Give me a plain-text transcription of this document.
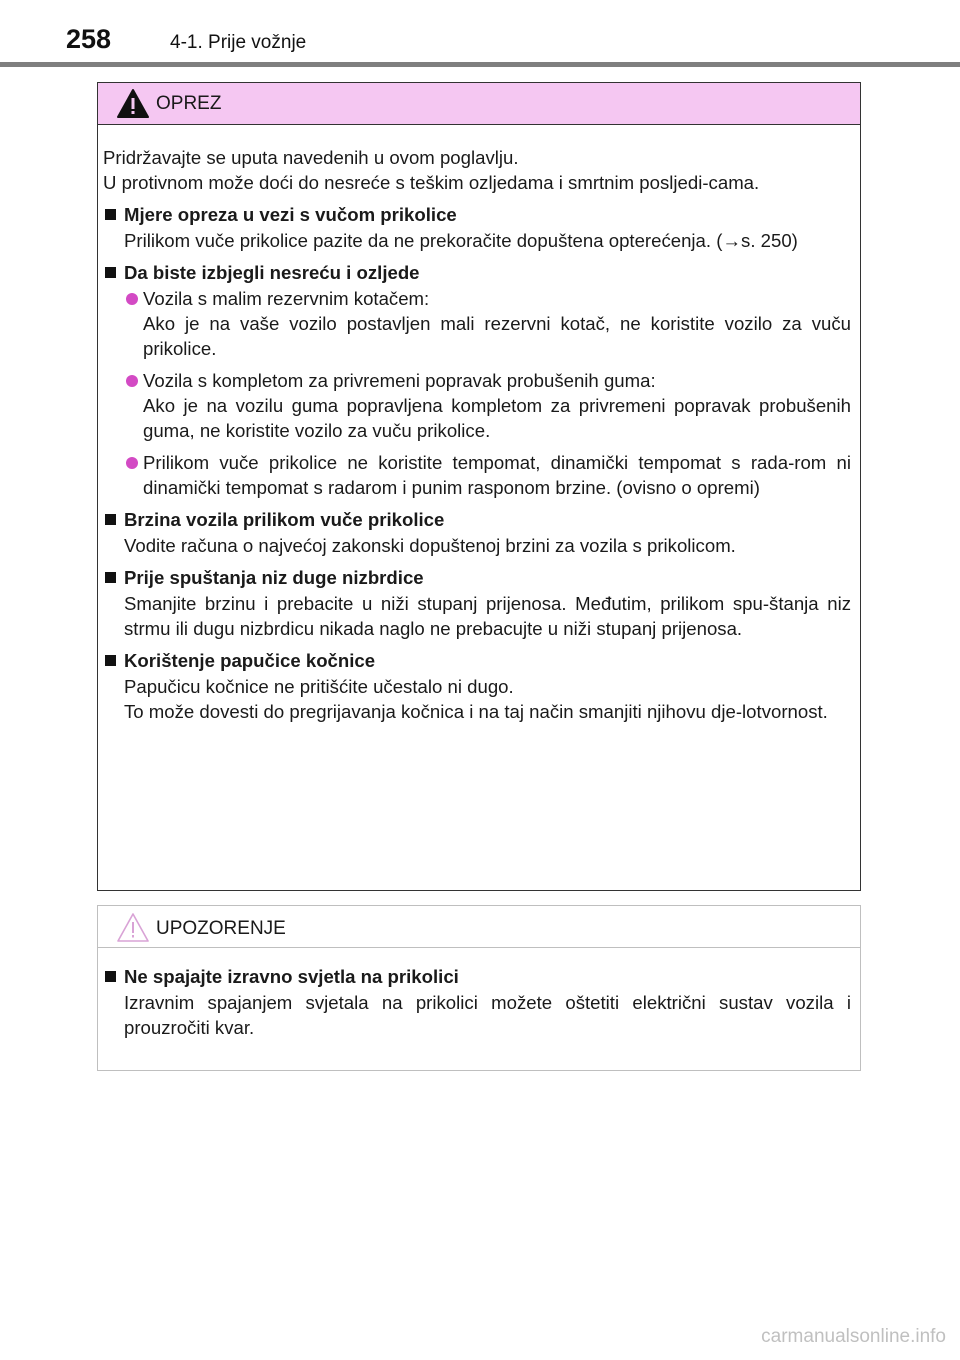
258	4-1. Prije vožnje
OPREZ
Pridržavajte se uputa navedenih u ovom poglavlju.
U protivnom može doći do nesreće s teškim ozljedama i smrtnim posljedi-cama.
Mjere opreza u vezi s vučom prikolice
Prilikom vuče prikolice pazite da ne prekoračite dopuštena opterećenja. (→s. 250)
Da biste izbjegli nesreću i ozljede
Vozila s malim rezervnim kotačem:
Ako je na vaše vozilo postavljen mali rezervni kotač, ne koristite vozilo za vuču prikolice.
Vozila s kompletom za privremeni popravak probušenih guma:
Ako je na vozilu guma popravljena kompletom za privremeni popravak probušenih guma, ne koristite vozilo za vuču prikolice.
Prilikom vuče prikolice ne koristite tempomat, dinamički tempomat s rada-rom ni dinamički tempomat s radarom i punim rasponom brzine. (ovisno o opremi)
Brzina vozila prilikom vuče prikolice
Vodite računa o najvećoj zakonski dopuštenoj brzini za vozila s prikolicom.
Prije spuštanja niz duge nizbrdice
Smanjite brzinu i prebacite u niži stupanj prijenosa. Međutim, prilikom spu-štanja niz strmu ili dugu nizbrdicu nikada naglo ne prebacujte u niži stupanj prijenosa.
Korištenje papučice kočnice
Papučicu kočnice ne pritišćite učestalo ni dugo.
To može dovesti do pregrijavanja kočnica i na taj način smanjiti njihovu dje-lotvornost.
UPOZORENJE
Ne spajajte izravno svjetla na prikolici
Izravnim spajanjem svjetala na prikolici možete oštetiti električni sustav vozila i prouzročiti kvar.
carmanualsonline.info
